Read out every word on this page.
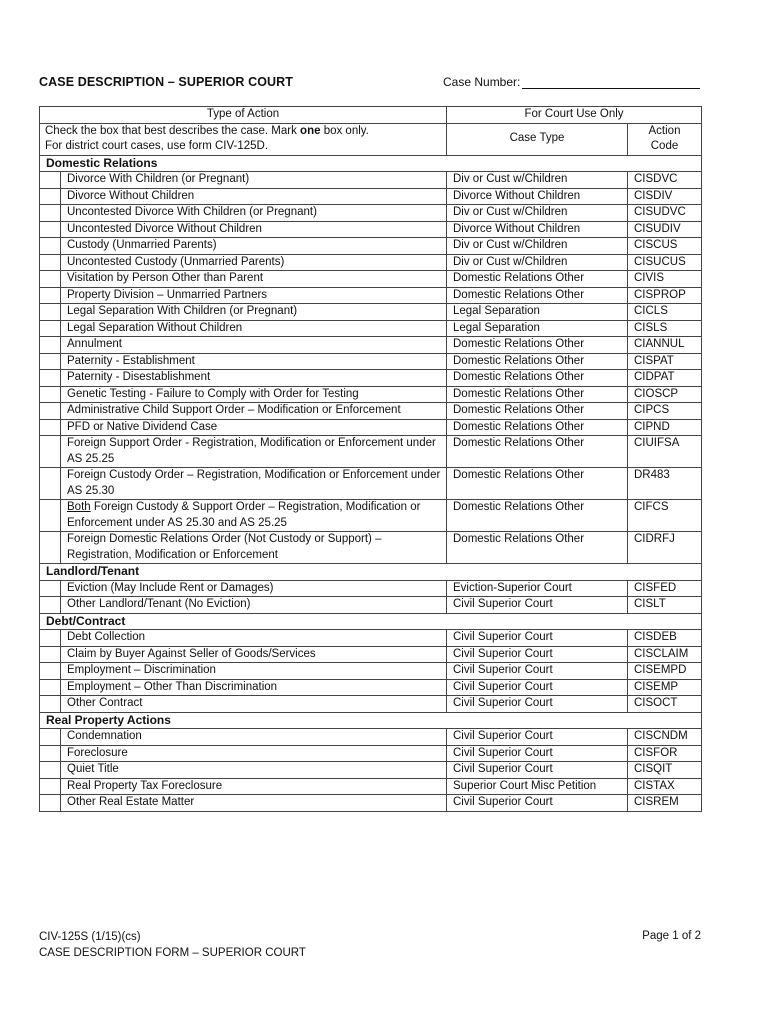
CASE DESCRIPTION – SUPERIOR COURT	Case Number:
Type of Action		For Court Use Only	
Check the box that best describes the case. Mark one box only.
For district court cases, use form CIV-125D.		Case Type	Action Code
Domestic Relations			
	Divorce With Children (or Pregnant)	Div or Cust w/Children	CISDVC
	Divorce Without Children	Divorce Without Children	CISDIV
	Uncontested Divorce With Children (or Pregnant)	Div or Cust w/Children	CISUDVC
	Uncontested Divorce Without Children	Divorce Without Children	CISUDIV
	Custody (Unmarried Parents)	Div or Cust w/Children	CISCUS
	Uncontested Custody (Unmarried Parents)	Div or Cust w/Children	CISUCUS
	Visitation by Person Other than Parent	Domestic Relations Other	CIVIS
	Property Division – Unmarried Partners	Domestic Relations Other	CISPROP
	Legal Separation With Children (or Pregnant)	Legal Separation	CICLS
	Legal Separation Without Children	Legal Separation	CISLS
	Annulment	Domestic Relations Other	CIANNUL
	Paternity - Establishment	Domestic Relations Other	CISPAT
	Paternity - Disestablishment	Domestic Relations Other	CIDPAT
	Genetic Testing - Failure to Comply with Order for Testing	Domestic Relations Other	CIOSCP
	Administrative Child Support Order – Modification or Enforcement	Domestic Relations Other	CIPCS
	PFD or Native Dividend Case	Domestic Relations Other	CIPND
	Foreign Support Order - Registration, Modification or Enforcement under AS 25.25	Domestic Relations Other	CIUIFSA
	Foreign Custody Order – Registration, Modification or Enforcement under AS 25.30	Domestic Relations Other	DR483
	Both Foreign Custody & Support Order – Registration, Modification or Enforcement under AS 25.30 and AS 25.25	Domestic Relations Other	CIFCS
	Foreign Domestic Relations Order (Not Custody or Support) – Registration, Modification or Enforcement	Domestic Relations Other	CIDRFJ
Landlord/Tenant			
	Eviction (May Include Rent or Damages)	Eviction-Superior Court	CISFED
	Other Landlord/Tenant (No Eviction)	Civil Superior Court	CISLT
Debt/Contract			
	Debt Collection	Civil Superior Court	CISDEB
	Claim by Buyer Against Seller of Goods/Services	Civil Superior Court	CISCLAIM
	Employment – Discrimination	Civil Superior Court	CISEMPD
	Employment – Other Than Discrimination	Civil Superior Court	CISEMP
	Other Contract	Civil Superior Court	CISOCT
Real Property Actions			
	Condemnation	Civil Superior Court	CISCNDM
	Foreclosure	Civil Superior Court	CISFOR
	Quiet Title	Civil Superior Court	CISQIT
	Real Property Tax Foreclosure	Superior Court Misc Petition	CISTAX
	Other Real Estate Matter	Civil Superior Court	CISREM
CIV-125S (1/15)(cs)
CASE DESCRIPTION FORM – SUPERIOR COURT
Page 1 of 2
